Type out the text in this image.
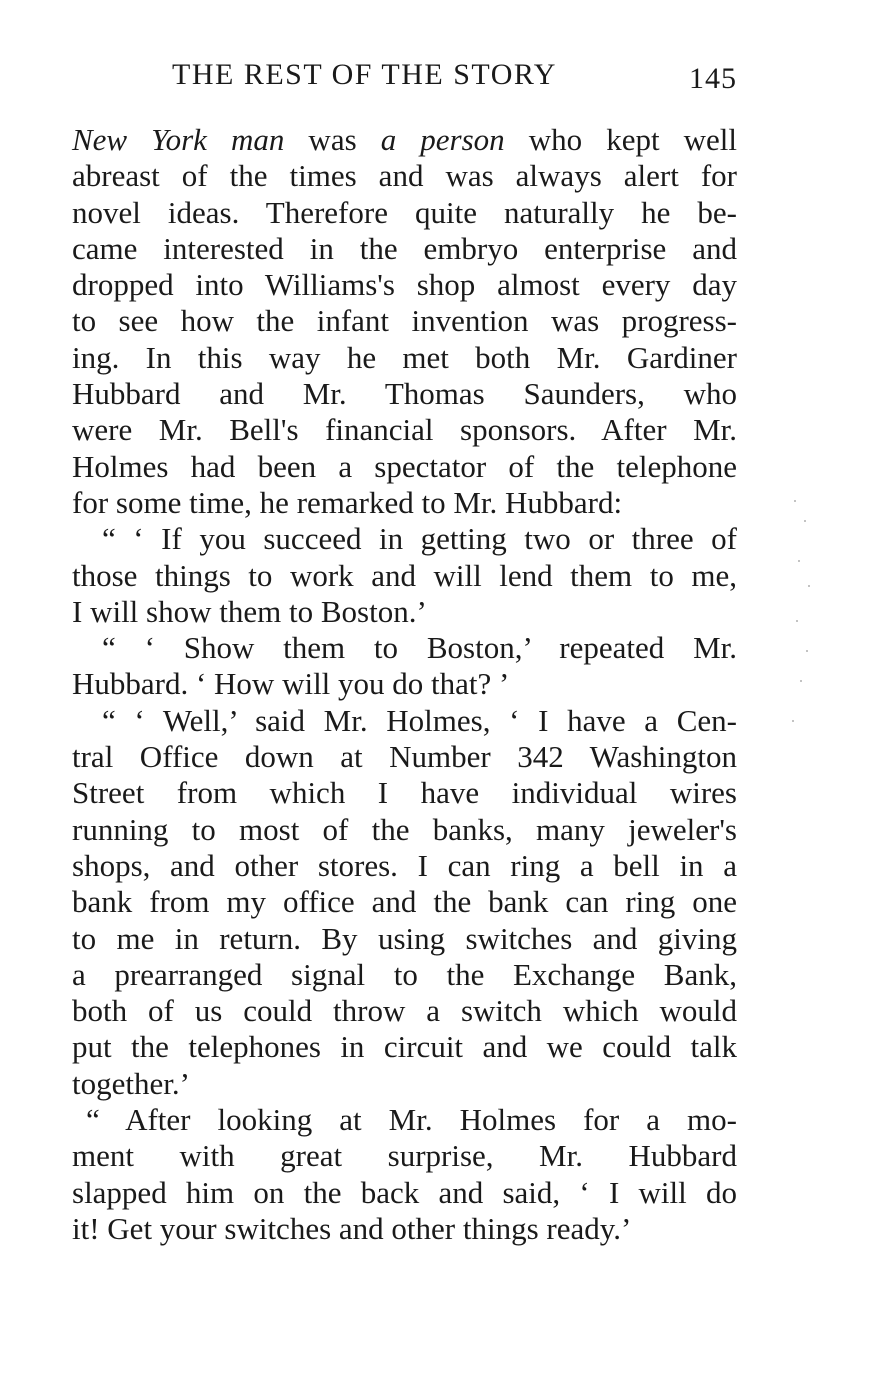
THE REST OF THE STORY	145
New York man was a person who kept well
abreast of the times and was always alert for
novel ideas. Therefore quite naturally he be-
came interested in the embryo enterprise and
dropped into Williams's shop almost every day
to see how the infant invention was progress-
ing. In this way he met both Mr. Gardiner
Hubbard and Mr. Thomas Saunders, who
were Mr. Bell's financial sponsors. After Mr.
Holmes had been a spectator of the telephone
for some time, he remarked to Mr. Hubbard:
“ ‘ If you succeed in getting two or three of
those things to work and will lend them to me,
I will show them to Boston.’
“ ‘ Show them to Boston,’ repeated Mr.
Hubbard. ‘ How will you do that? ’
“ ‘ Well,’ said Mr. Holmes, ‘ I have a Cen-
tral Office down at Number 342 Washington
Street from which I have individual wires
running to most of the banks, many jeweler's
shops, and other stores. I can ring a bell in a
bank from my office and the bank can ring one
to me in return. By using switches and giving
a prearranged signal to the Exchange Bank,
both of us could throw a switch which would
put the telephones in circuit and we could talk
together.’
“ After looking at Mr. Holmes for a mo-
ment with great surprise, Mr. Hubbard
slapped him on the back and said, ‘ I will do
it! Get your switches and other things ready.’
